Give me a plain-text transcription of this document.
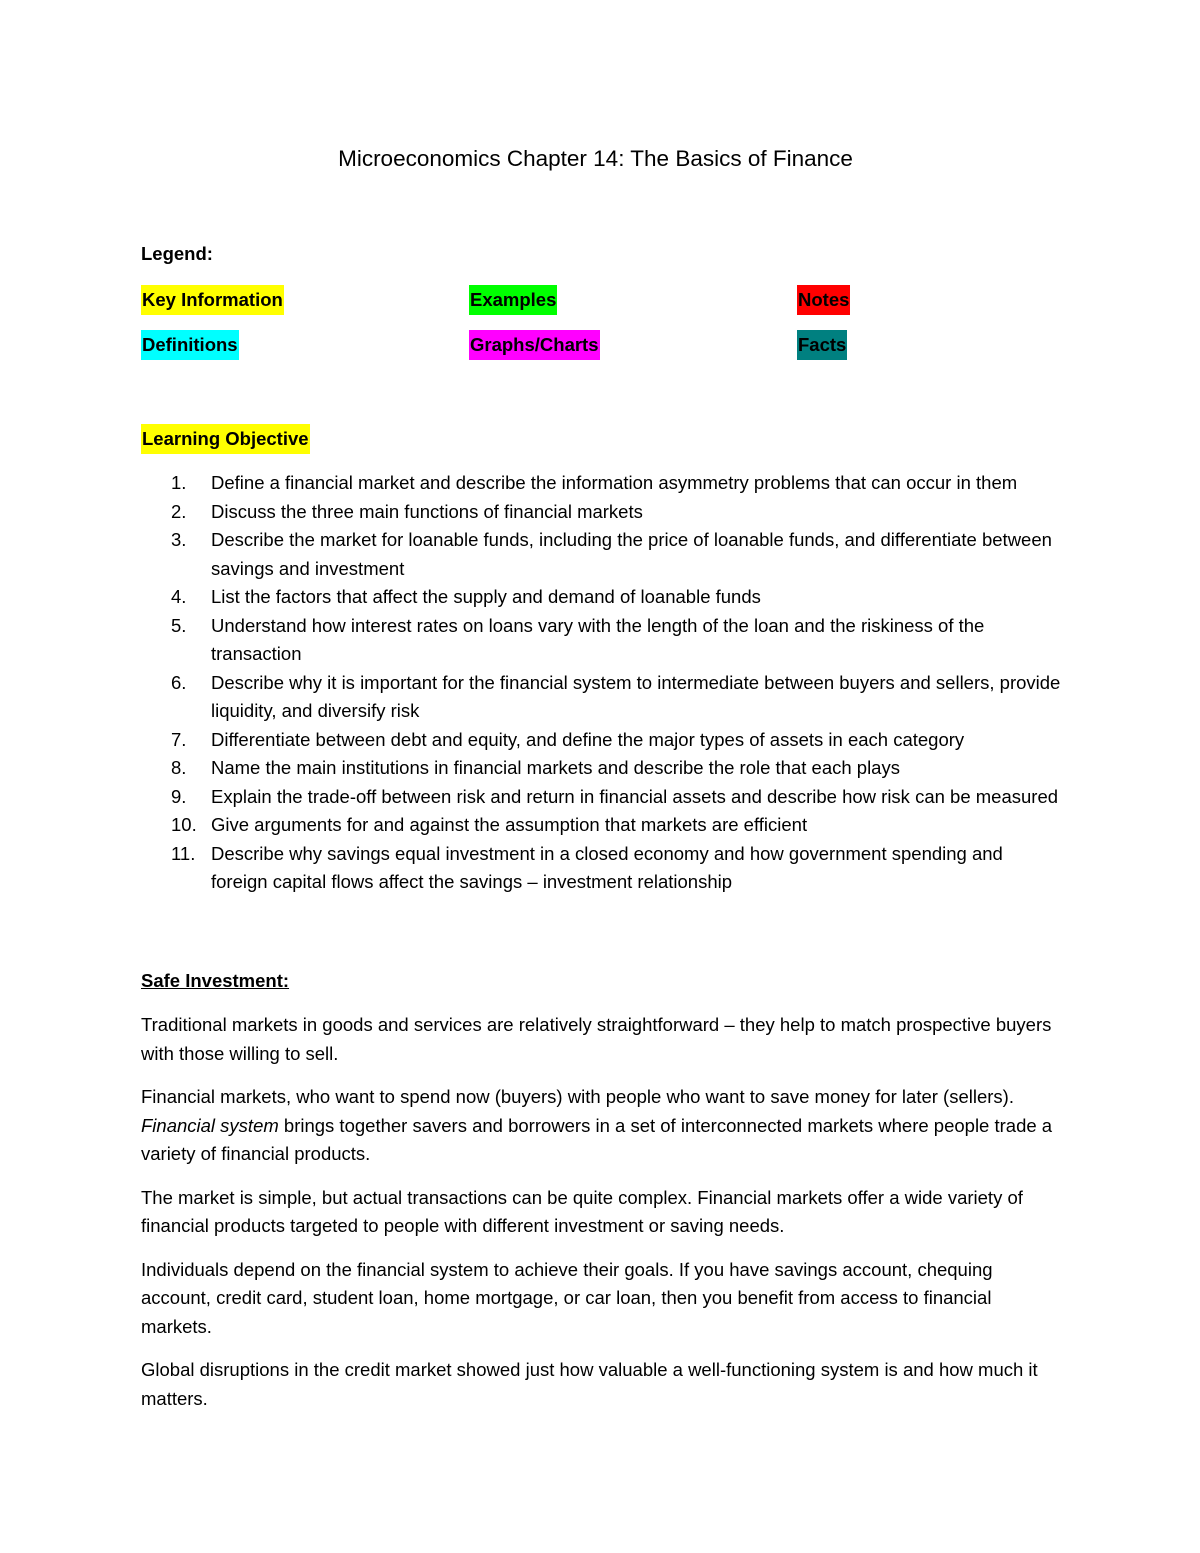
Microeconomics Chapter 14: The Basics of Finance

Legend:

Key Information	Examples	Notes
Definitions	Graphs/Charts	Facts
Learning Objective
1. Define a financial market and describe the information asymmetry problems that can occur in them
2. Discuss the three main functions of financial markets
3. Describe the market for loanable funds, including the price of loanable funds, and differentiate between savings and investment
4. List the factors that affect the supply and demand of loanable funds
5. Understand how interest rates on loans vary with the length of the loan and the riskiness of the transaction
6. Describe why it is important for the financial system to intermediate between buyers and sellers, provide liquidity, and diversify risk
7. Differentiate between debt and equity, and define the major types of assets in each category
8. Name the main institutions in financial markets and describe the role that each plays
9. Explain the trade-off between risk and return in financial assets and describe how risk can be measured
10. Give arguments for and against the assumption that markets are efficient
11. Describe why savings equal investment in a closed economy and how government spending and foreign capital flows affect the savings – investment relationship

Safe Investment:

Traditional markets in goods and services are relatively straightforward – they help to match prospective buyers with those willing to sell.

Financial markets, who want to spend now (buyers) with people who want to save money for later (sellers). Financial system brings together savers and borrowers in a set of interconnected markets where people trade a variety of financial products.

The market is simple, but actual transactions can be quite complex. Financial markets offer a wide variety of financial products targeted to people with different investment or saving needs.

Individuals depend on the financial system to achieve their goals. If you have savings account, chequing account, credit card, student loan, home mortgage, or car loan, then you benefit from access to financial markets.

Global disruptions in the credit market showed just how valuable a well-functioning system is and how much it matters.
